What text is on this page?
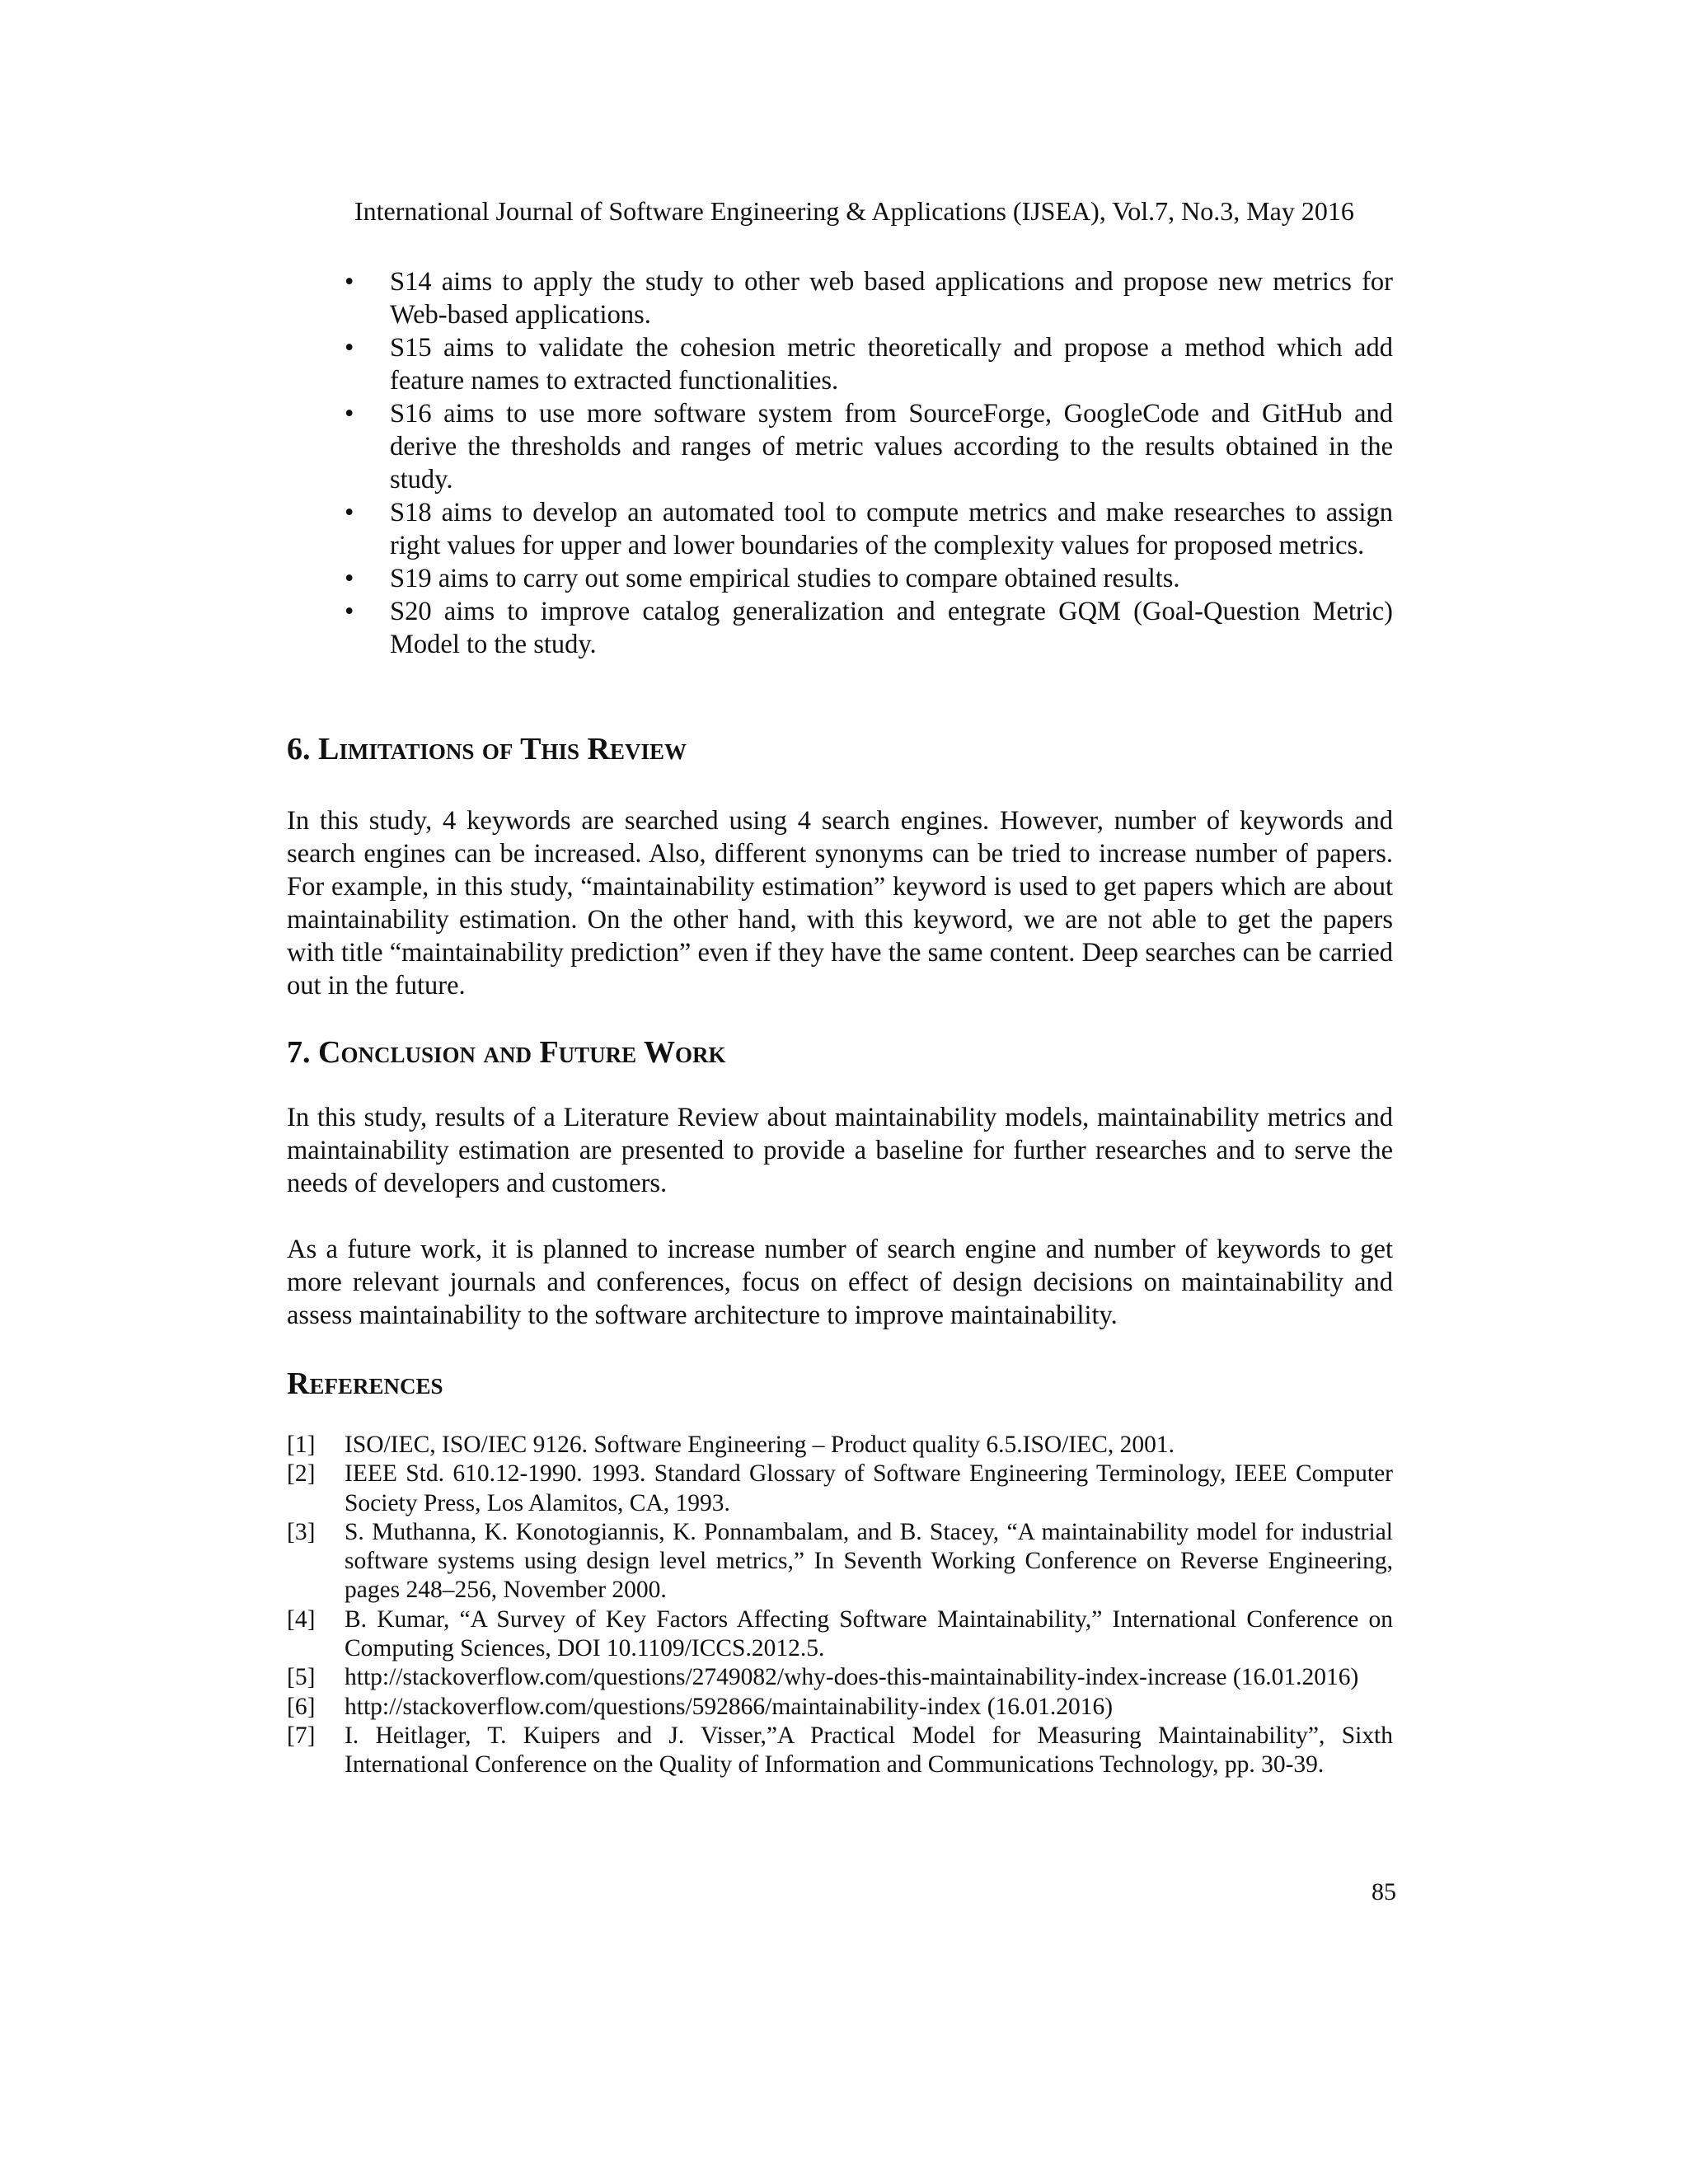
International Journal of Software Engineering & Applications (IJSEA), Vol.7, No.3, May 2016
•	S14 aims to apply the study to other web based applications and propose new metrics for Web-based applications.
•	S15 aims to validate the cohesion metric theoretically and propose a method which add feature names to extracted functionalities.
•	S16 aims to use more software system from SourceForge, GoogleCode and GitHub and derive the thresholds and ranges of metric values according to the results obtained in the study.
•	S18 aims to develop an automated tool to compute metrics and make researches to assign right values for upper and lower boundaries of the complexity values for proposed metrics.
•	S19 aims to carry out some empirical studies to compare obtained results.
•	S20 aims to improve catalog generalization and entegrate GQM (Goal-Question Metric) Model to the study.
6. Limitations of This Review

In this study, 4 keywords are searched using 4 search engines. However, number of keywords and search engines can be increased. Also, different synonyms can be tried to increase number of papers. For example, in this study, “maintainability estimation” keyword is used to get papers which are about maintainability estimation. On the other hand, with this keyword, we are not able to get the papers with title “maintainability prediction” even if they have the same content. Deep searches can be carried out in the future.

7. Conclusion and Future Work

In this study, results of a Literature Review about maintainability models, maintainability metrics and maintainability estimation are presented to provide a baseline for further researches and to serve the needs of developers and customers.

As a future work, it is planned to increase number of search engine and number of keywords to get more relevant journals and conferences, focus on effect of design decisions on maintainability and assess maintainability to the software architecture to improve maintainability.

References
[1] ISO/IEC, ISO/IEC 9126. Software Engineering – Product quality 6.5.ISO/IEC, 2001.
[2] IEEE Std. 610.12-1990. 1993. Standard Glossary of Software Engineering Terminology, IEEE Computer Society Press, Los Alamitos, CA, 1993.
[3] S. Muthanna, K. Konotogiannis, K. Ponnambalam, and B. Stacey, “A maintainability model for industrial software systems using design level metrics,” In Seventh Working Conference on Reverse Engineering, pages 248–256, November 2000.
[4] B. Kumar, “A Survey of Key Factors Affecting Software Maintainability,” International Conference on Computing Sciences, DOI 10.1109/ICCS.2012.5.
[5] http://stackoverflow.com/questions/2749082/why-does-this-maintainability-index-increase (16.01.2016)
[6] http://stackoverflow.com/questions/592866/maintainability-index (16.01.2016)
[7] I. Heitlager, T. Kuipers and J. Visser,”A Practical Model for Measuring Maintainability”, Sixth International Conference on the Quality of Information and Communications Technology, pp. 30-39.
85
